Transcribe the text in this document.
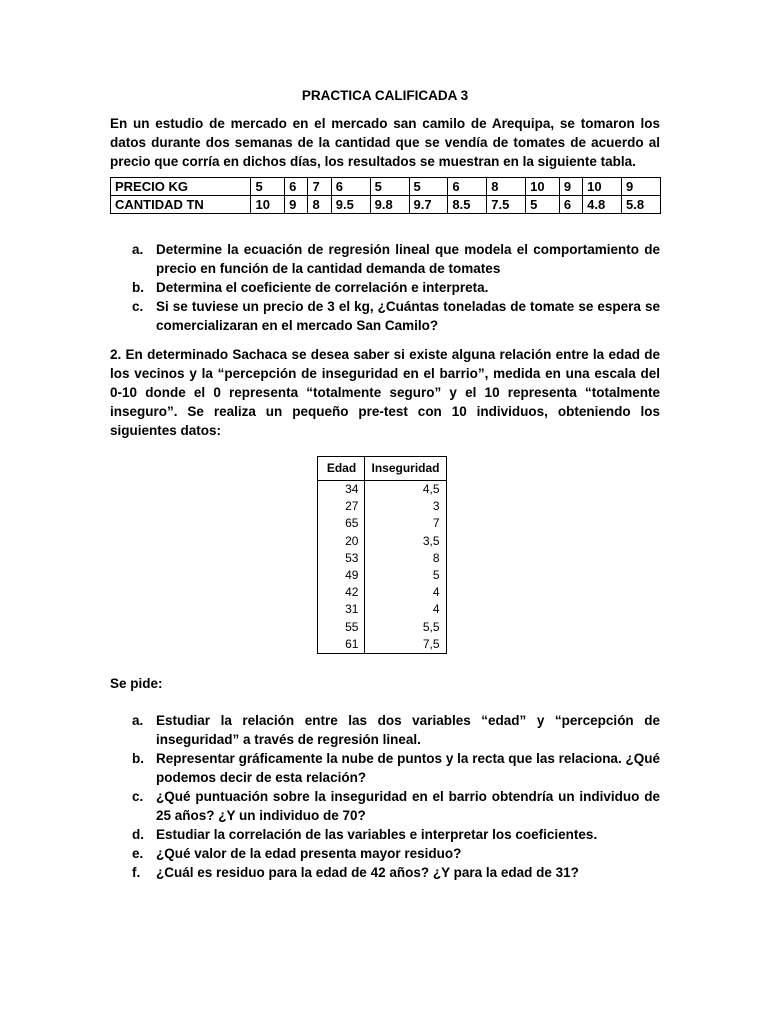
PRACTICA CALIFICADA 3

En un estudio de mercado en el mercado san camilo de Arequipa, se tomaron los datos durante dos semanas de la cantidad que se vendía de tomates de acuerdo al precio que corría en dichos días, los resultados se muestran en la siguiente tabla.

PRECIO KG	5	6	7	6	5	5	6	8	10	9	10	9
CANTIDAD TN	10	9	8	9.5	9.8	9.7	8.5	7.5	5	6	4.8	5.8
a. Determine la ecuación de regresión lineal que modela el comportamiento de precio en función de la cantidad demanda de tomates
b. Determina el coeficiente de correlación e interpreta.
c. Si se tuviese un precio de 3 el kg, ¿Cuántas toneladas de tomate se espera se comercializaran en el mercado San Camilo?

2. En determinado Sachaca se desea saber si existe alguna relación entre la edad de los vecinos y la “percepción de inseguridad en el barrio”, medida en una escala del 0-10 donde el 0 representa “totalmente seguro” y el 10 representa “totalmente inseguro”. Se realiza un pequeño pre-test con 10 individuos, obteniendo los siguientes datos:

Edad	Inseguridad
34	4,5
27	3
65	7
20	3,5
53	8
49	5
42	4
31	4
55	5,5
61	7,5

Se pide:

a. Estudiar la relación entre las dos variables “edad” y “percepción de inseguridad” a través de regresión lineal.
b. Representar gráficamente la nube de puntos y la recta que las relaciona. ¿Qué podemos decir de esta relación?
c. ¿Qué puntuación sobre la inseguridad en el barrio obtendría un individuo de 25 años? ¿Y un individuo de 70?
d. Estudiar la correlación de las variables e interpretar los coeficientes.
e. ¿Qué valor de la edad presenta mayor residuo?
f.	¿Cuál es residuo para la edad de 42 años? ¿Y para la edad de 31?
